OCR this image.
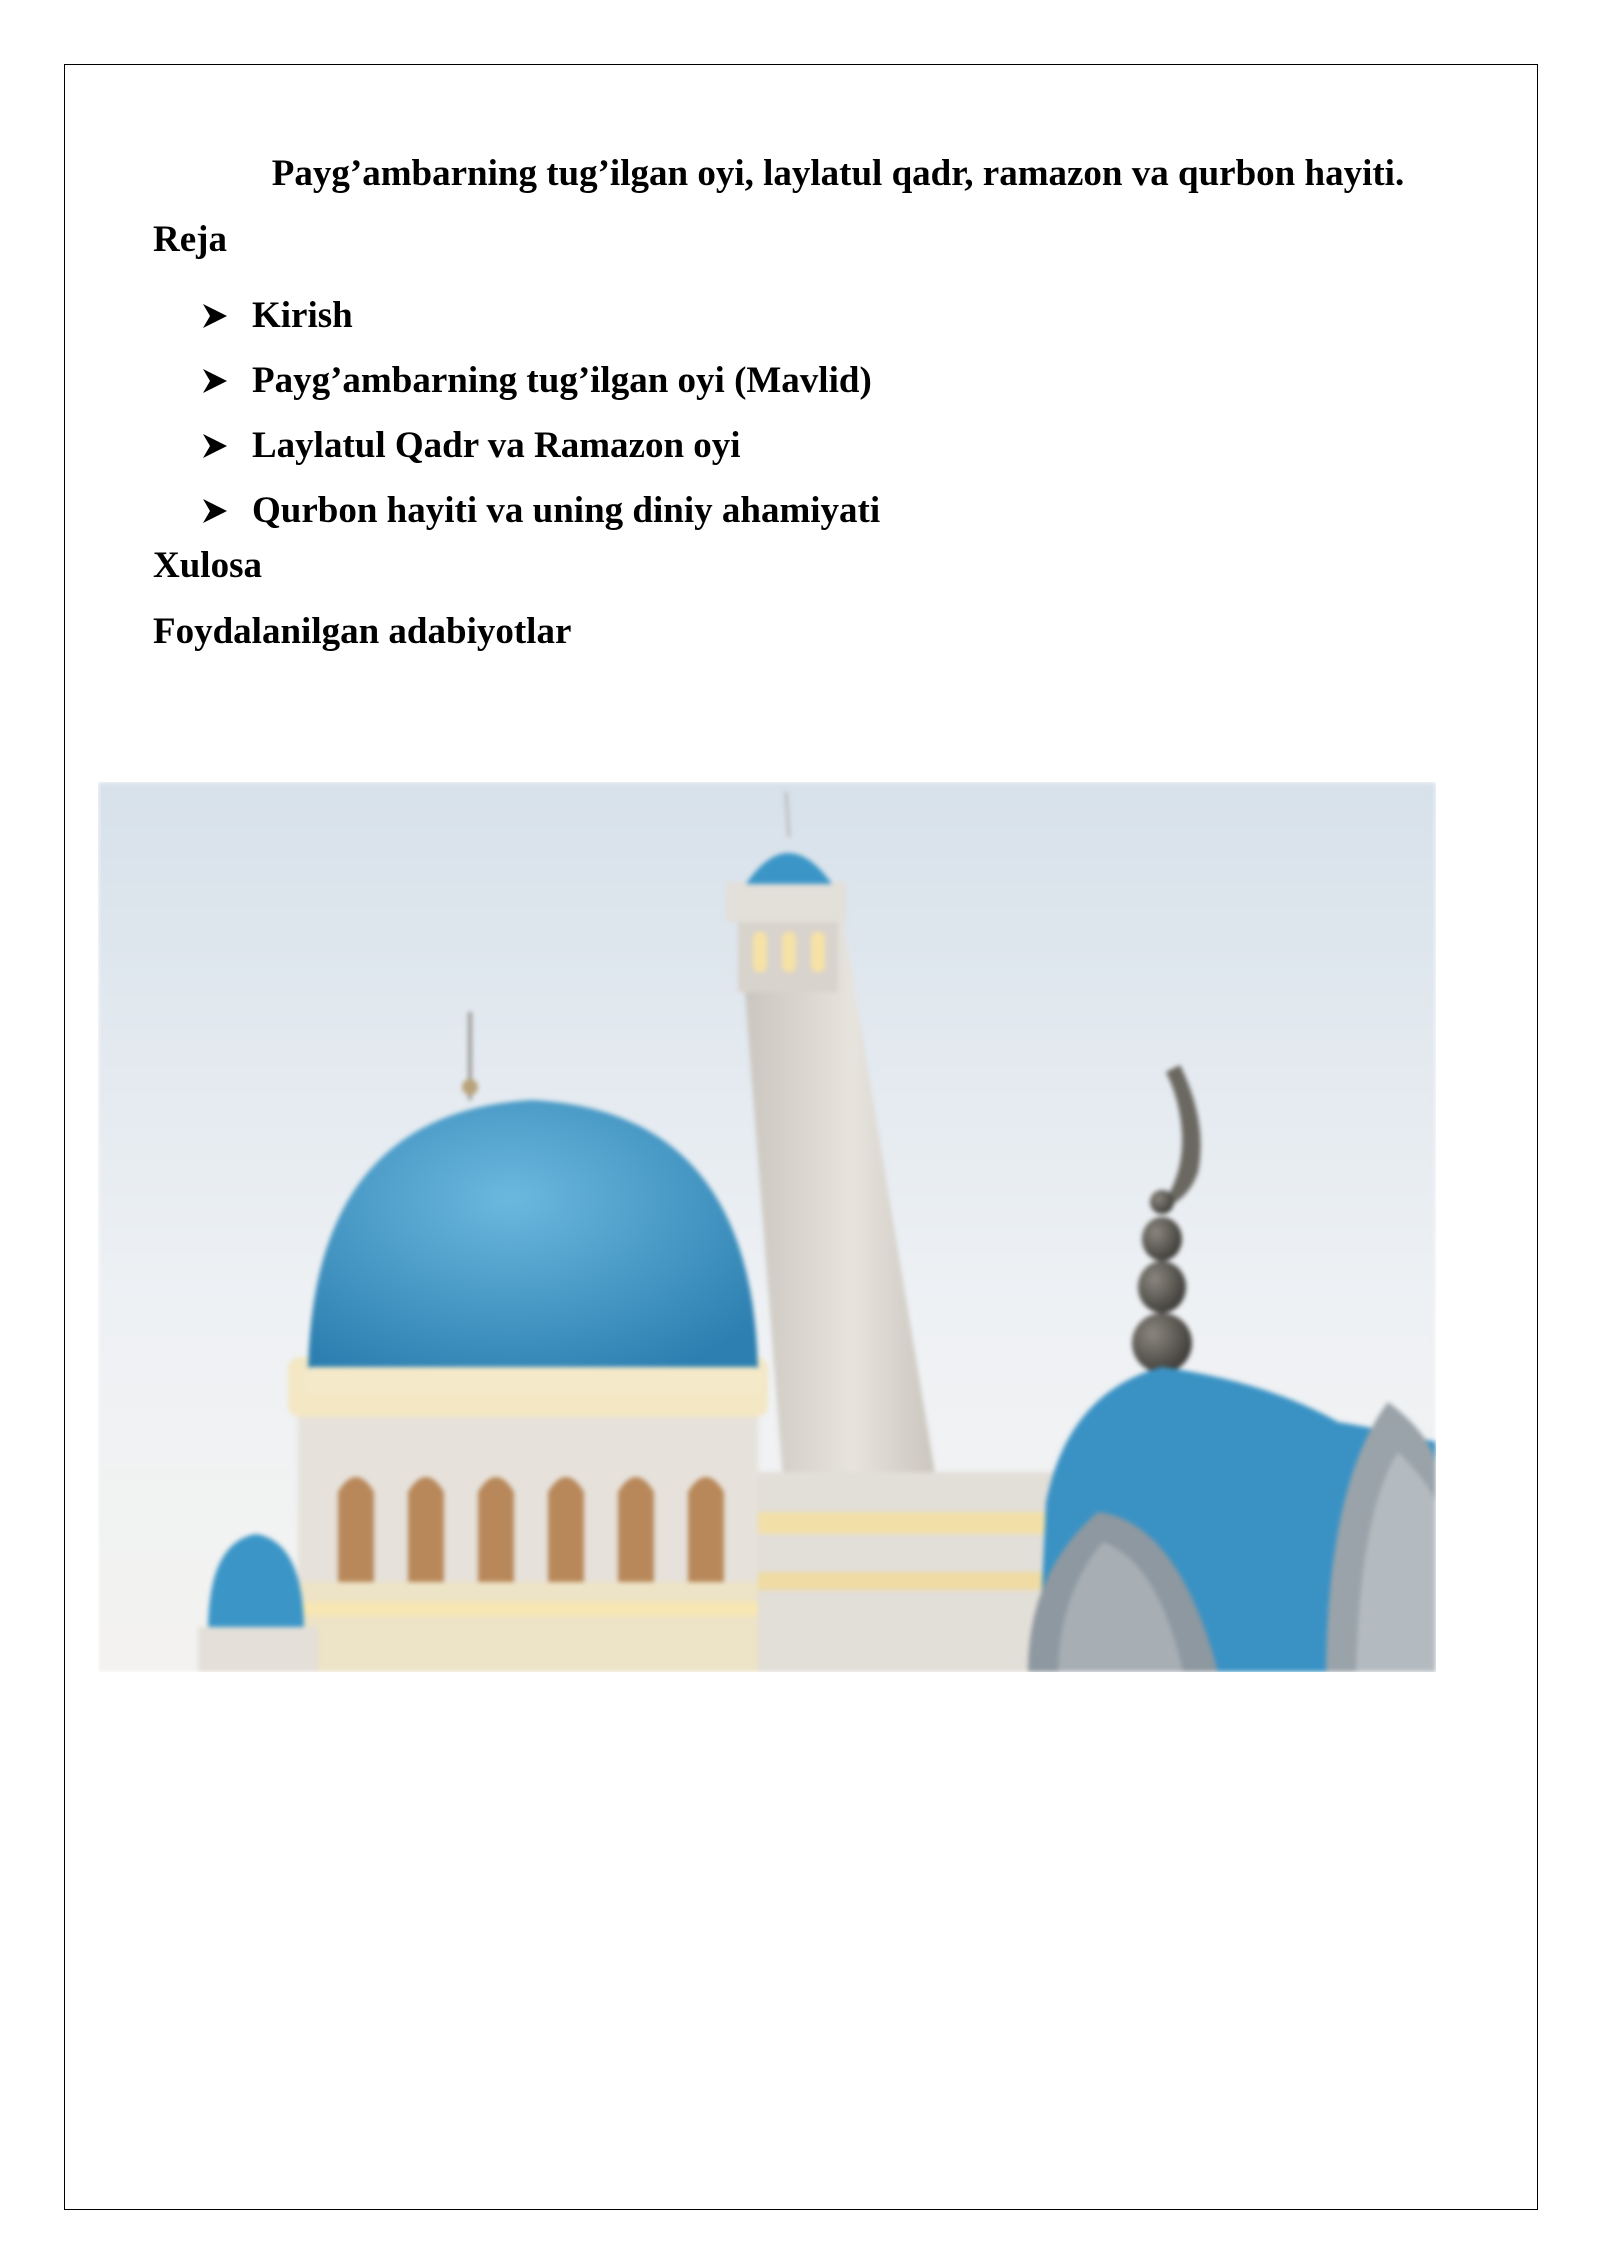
Payg’ambarning tug’ilgan oyi, laylatul qadr, ramazon va qurbon hayiti.
Reja
Kirish
Payg’ambarning tug’ilgan oyi (Mavlid)
Laylatul Qadr va Ramazon oyi
Qurbon hayiti va uning diniy ahamiyati
Xulosa
Foydalanilgan adabiyotlar
